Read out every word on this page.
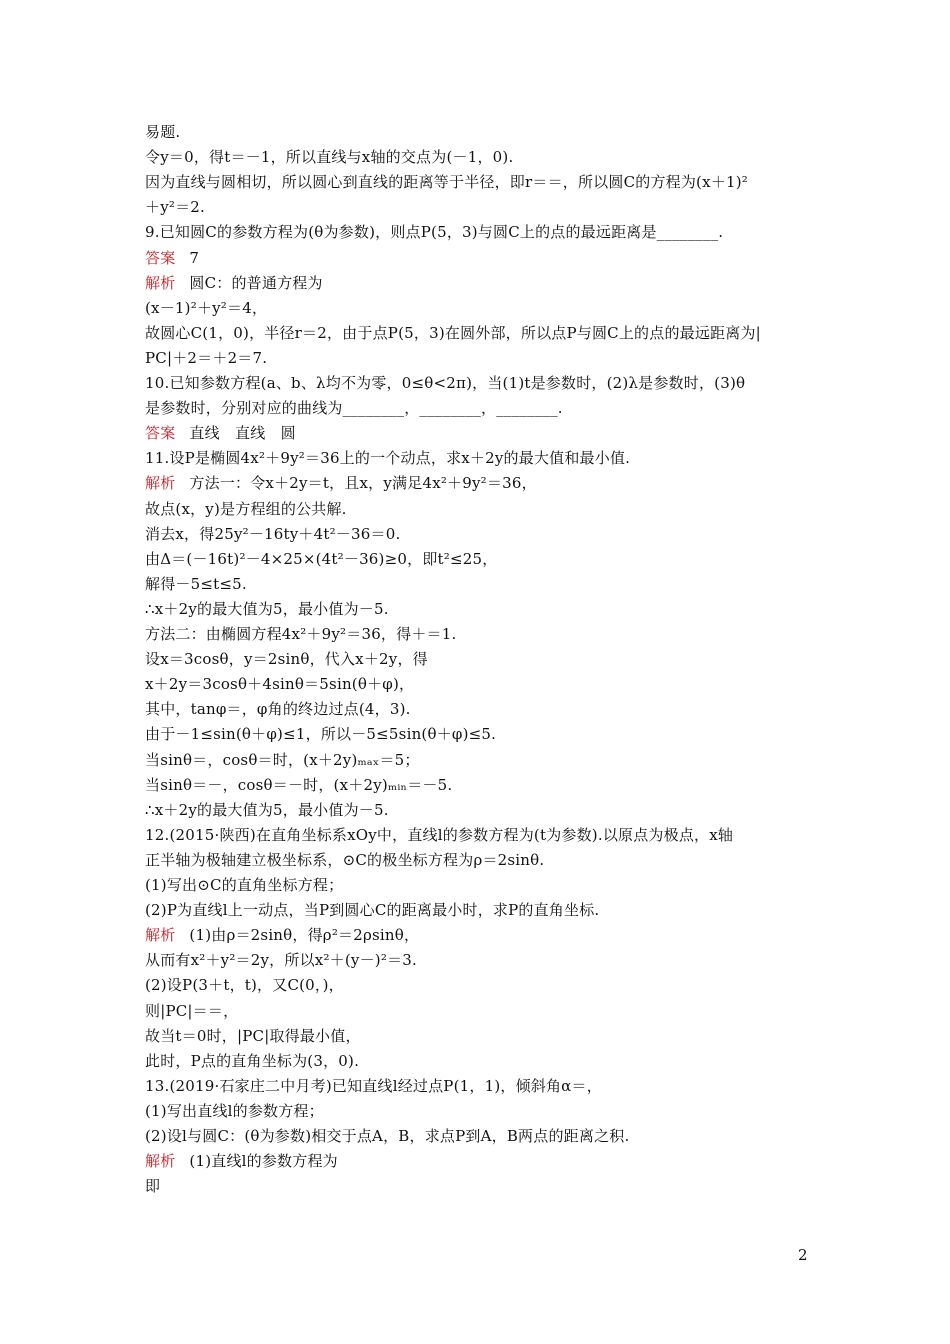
易题.
令y＝0，得t＝－1，所以直线与x轴的交点为(－1，0).
因为直线与圆相切，所以圆心到直线的距离等于半径，即r＝＝，所以圆C的方程为(x＋1)²
＋y²＝2.
9.已知圆C的参数方程为(θ为参数)，则点P(5，3)与圆C上的点的最远距离是________.
答案 7
解析 圆C：的普通方程为
(x－1)²＋y²＝4，
故圆心C(1，0)，半径r＝2，由于点P(5，3)在圆外部，所以点P与圆C上的点的最远距离为|
PC|＋2＝＋2＝7.
10.已知参数方程(a、b、λ均不为零，0≤θ<2π)，当(1)t是参数时，(2)λ是参数时，(3)θ
是参数时，分别对应的曲线为________，________，________.
答案 直线　直线　圆
11.设P是椭圆4x²＋9y²＝36上的一个动点，求x＋2y的最大值和最小值.
解析 方法一：令x＋2y＝t，且x，y满足4x²＋9y²＝36，
故点(x，y)是方程组的公共解.
消去x，得25y²－16ty＋4t²－36＝0.
由Δ＝(－16t)²－4×25×(4t²－36)≥0，即t²≤25，
解得－5≤t≤5.
∴x＋2y的最大值为5，最小值为－5.
方法二：由椭圆方程4x²＋9y²＝36，得＋＝1.
设x＝3cosθ，y＝2sinθ，代入x＋2y，得
x＋2y＝3cosθ＋4sinθ＝5sin(θ＋φ)，
其中，tanφ＝，φ角的终边过点(4，3).
由于－1≤sin(θ＋φ)≤1，所以－5≤5sin(θ＋φ)≤5.
当sinθ＝，cosθ＝时，(x＋2y)ₘₐₓ＝5；
当sinθ＝－，cosθ＝－时，(x＋2y)ₘᵢₙ＝－5.
∴x＋2y的最大值为5，最小值为－5.
12.(2015·陕西)在直角坐标系xOy中，直线l的参数方程为(t为参数).以原点为极点，x轴
正半轴为极轴建立极坐标系，⊙C的极坐标方程为ρ＝2sinθ.
(1)写出⊙C的直角坐标方程；
(2)P为直线l上一动点，当P到圆心C的距离最小时，求P的直角坐标.
解析 (1)由ρ＝2sinθ，得ρ²＝2ρsinθ，
从而有x²＋y²＝2y，所以x²＋(y－)²＝3.
(2)设P(3＋t，t)，又C(0，)，
则|PC|＝＝，
故当t＝0时，|PC|取得最小值，
此时，P点的直角坐标为(3，0).
13.(2019·石家庄二中月考)已知直线l经过点P(1，1)，倾斜角α＝，
(1)写出直线l的参数方程；
(2)设l与圆C：(θ为参数)相交于点A，B，求点P到A，B两点的距离之积.
解析 (1)直线l的参数方程为
即
2
